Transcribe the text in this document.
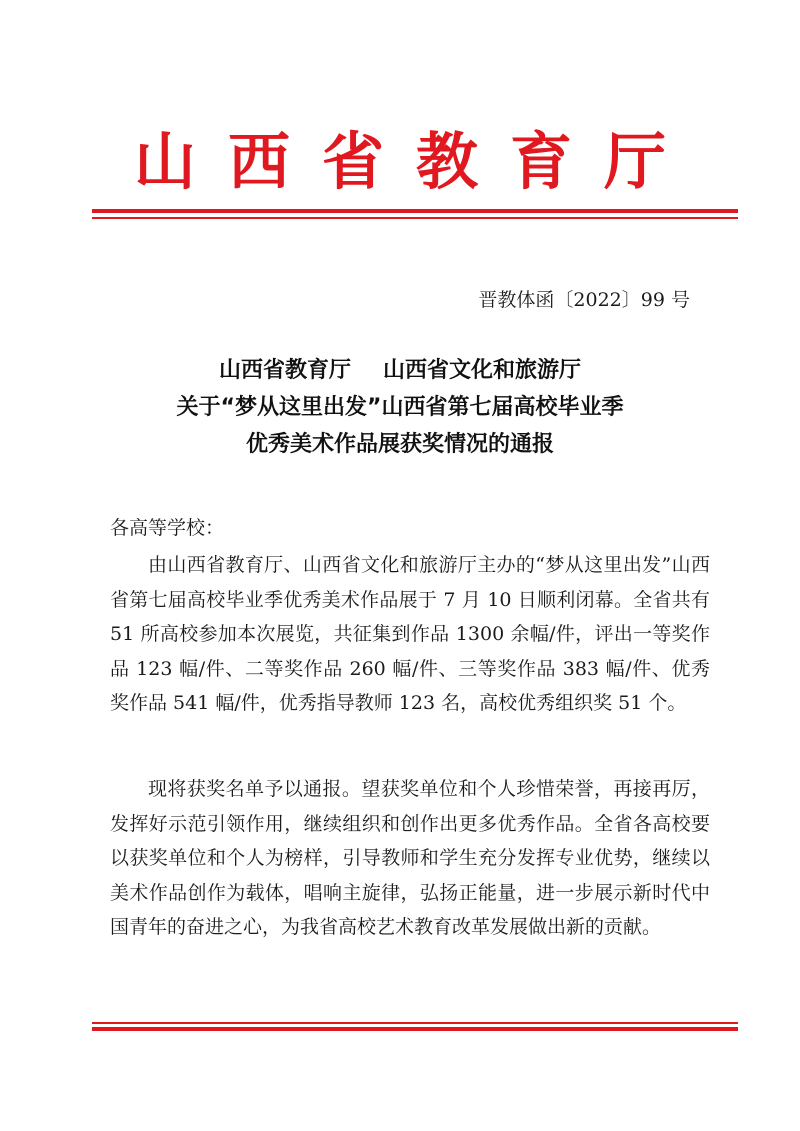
山西省教育厅
晋教体函〔2022〕99 号
山西省教育厅 山西省文化和旅游厅
关于“梦从这里出发”山西省第七届高校毕业季
优秀美术作品展获奖情况的通报
各高等学校：

由山西省教育厅、山西省文化和旅游厅主办的“梦从这里出发”山西省第七届高校毕业季优秀美术作品展于 7 月 10 日顺利闭幕。全省共有 51 所高校参加本次展览，共征集到作品 1300 余幅/件，评出一等奖作品 123 幅/件、二等奖作品 260 幅/件、三等奖作品 383 幅/件、优秀奖作品 541 幅/件，优秀指导教师 123 名，高校优秀组织奖 51 个。

现将获奖名单予以通报。望获奖单位和个人珍惜荣誉，再接再厉，发挥好示范引领作用，继续组织和创作出更多优秀作品。全省各高校要以获奖单位和个人为榜样，引导教师和学生充分发挥专业优势，继续以美术作品创作为载体，唱响主旋律，弘扬正能量，进一步展示新时代中国青年的奋进之心，为我省高校艺术教育改革发展做出新的贡献。
